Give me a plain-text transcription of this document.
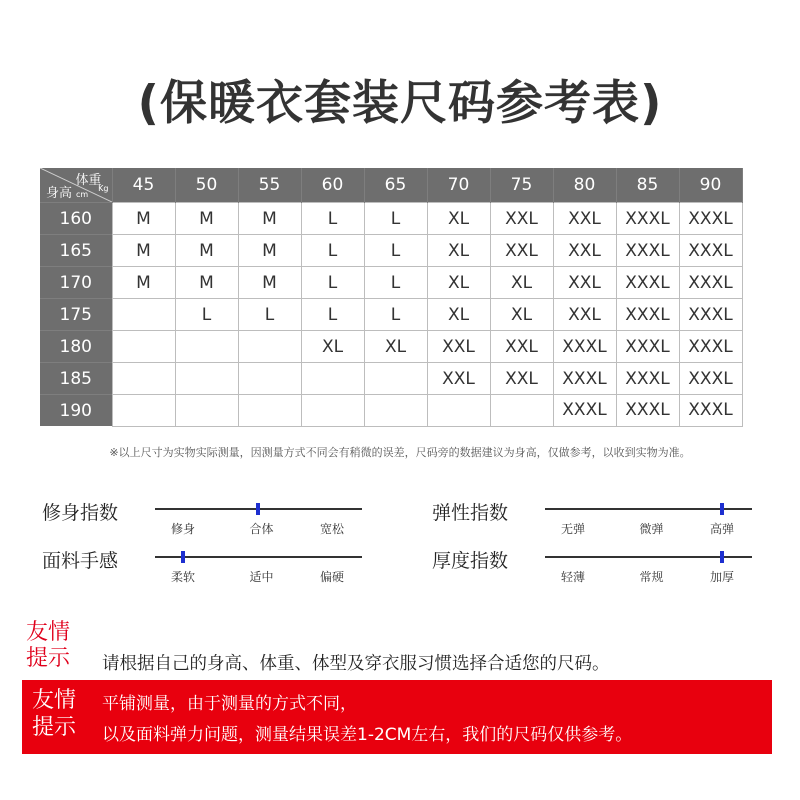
(保暖衣套装尺码参考表)
体重
Kg
身高 cm	45	50	55	60	65	70	75	80	85	90
160	M	M	M	L	L	XL	XXL	XXL	XXXL	XXXL
165	M	M	M	L	L	XL	XXL	XXL	XXXL	XXXL
170	M	M	M	L	L	XL	XL	XXL	XXXL	XXXL
175		L	L	L	L	XL	XL	XXL	XXXL	XXXL
180				XL	XL	XXL	XXL	XXXL	XXXL	XXXL
185						XXL	XXL	XXXL	XXXL	XXXL
190								XXXL	XXXL	XXXL
※以上尺寸为实物实际测量，因测量方式不同会有稍微的误差，尺码旁的数据建议为身高，仅做参考，以收到实物为准。
修身指数
修身	合体	宽松
弹性指数
无弹	微弹	高弹
面料手感
柔软	适中	偏硬
厚度指数
轻薄	常规	加厚
友情
提示 请根据自己的身高、体重、体型及穿衣服习惯选择合适您的尺码。
友情
提示
平铺测量，由于测量的方式不同，
以及面料弹力问题，测量结果误差1-2CM左右，我们的尺码仅供参考。
